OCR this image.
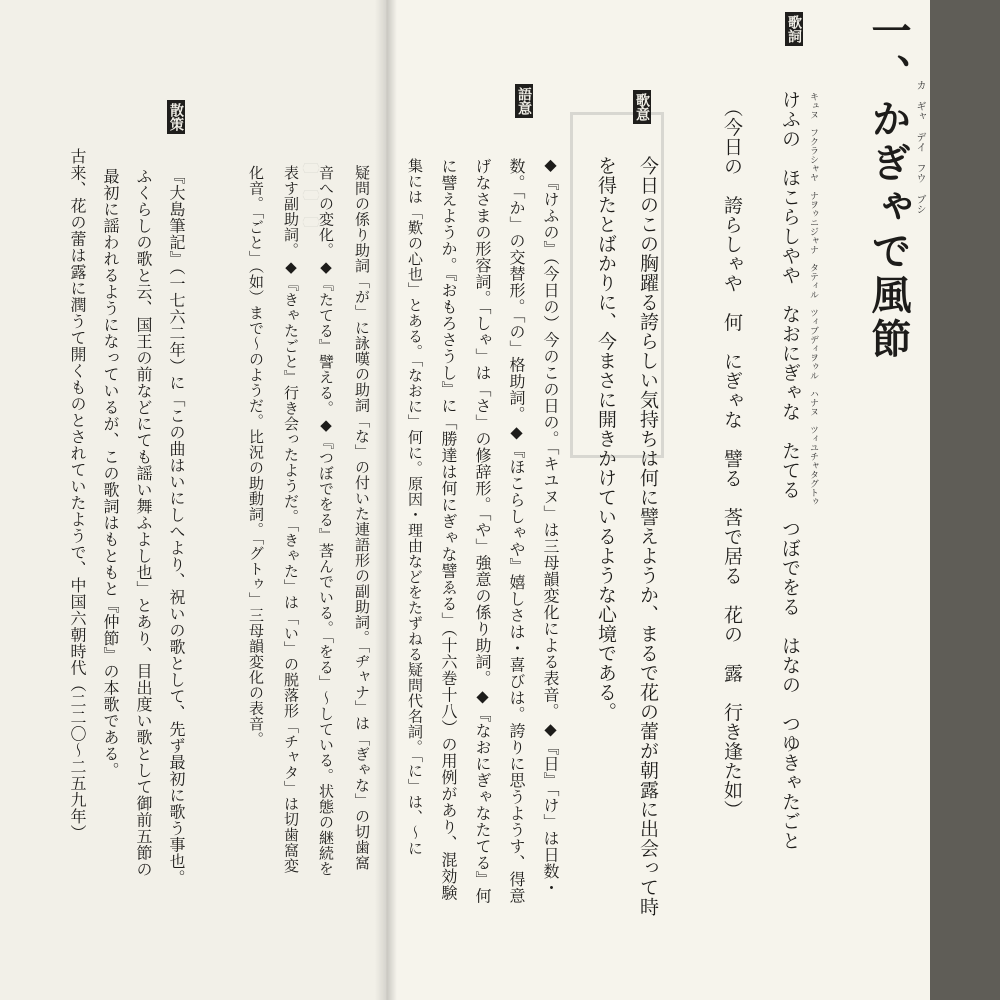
〔〕〔〕〔〕	一、かぎゃで風節 カ ギャ デイ フウ ブシ
歌詞
けふの　ほこらしやや　なおにぎゃな　たてる　つぼでをる　はなの　つゆきゃたごと キュヌ　フクラシャヤ　ナヲゥニジャナ　タティル　ツィブディヲゥル　ハナヌ　ツィユチャタグトゥ
（今日の　誇らしゃや　何　にぎゃな　譬る　莟で居る　花の　露　行き逢た如）
歌意
今日のこの胸躍る誇らしい気持ちは何に譬えようか、まるで花の蕾が朝露に出会って時
を得たとばかりに、今まさに開きかけているような心境である。
語意
◆『けふの』（今日の）今のこの日の。「キユヌ」は三母韻変化による表音。◆『日』「け」は日数・
数。「か」の交替形。「の」格助詞。◆『ほこらしゃや』嬉しさは・喜びは。誇りに思うようす、得意
げなさまの形容詞。「しゃ」は「さ」の修辞形。「や」強意の係り助詞。◆『なおにぎゃなたてる』何
に譬えようか。『おもろさうし』に「勝達は何にぎゃな譬ゑる」（十六巻十八）の用例があり、混効験
集には「歎の心也」とある。「なおに」何に。原因・理由などをたずねる疑問代名詞。「に」は、〜に
疑問の係り助詞「が」に詠嘆の助詞「な」の付いた連語形の副助詞。「ヂャナ」は「ぎゃな」の切歯窩
音への変化。◆『たてる』譬える。◆『つぼでをる』莟んでいる。「をる」〜している。状態の継続を
表す副助詞。◆『きゃたごと』行き会ったようだ。「きゃた」は「い」の脱落形「チャタ」は切歯窩変
化音。「ごと」（如）まで〜のようだ。比況の助動詞。「グトゥ」三母韻変化の表音。
散策
『大島筆記』（一七六二年）に「この曲はいにしへより、祝いの歌として、先ず最初に歌う事也。
ふくらしの歌と云、国王の前などにても謡い舞ふよし也」とあり、目出度い歌として御前五節の
最初に謡われるようになっているが、この歌詞はもともと『仲節』の本歌である。
古来、花の蕾は露に潤うて開くものとされていたようで、中国六朝時代（二二〇〜二五九年）
